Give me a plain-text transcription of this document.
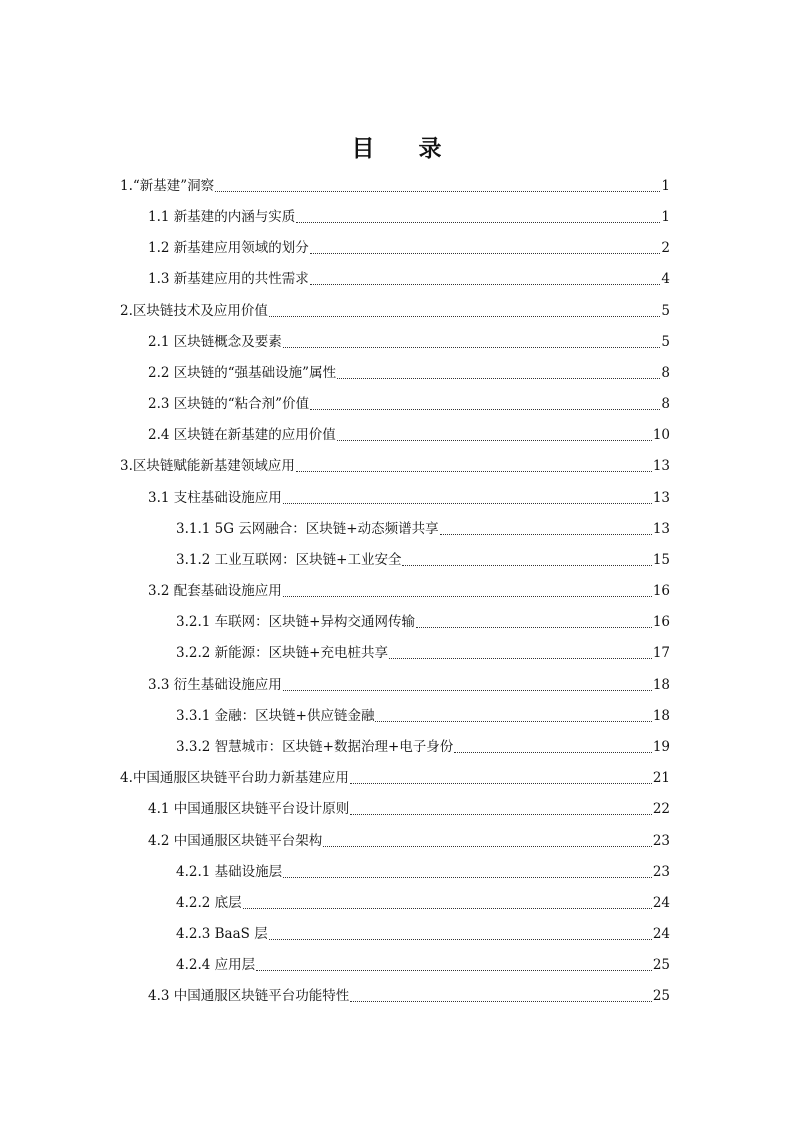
目 录
1.“新基建”洞察	1
1.1 新基建的内涵与实质	1
1.2 新基建应用领域的划分	2
1.3 新基建应用的共性需求	4
2.区块链技术及应用价值	5
2.1 区块链概念及要素	5
2.2 区块链的“强基础设施”属性	8
2.3 区块链的“粘合剂”价值	8
2.4 区块链在新基建的应用价值	10
3.区块链赋能新基建领域应用	13
3.1 支柱基础设施应用	13
3.1.1 5G 云网融合：区块链+动态频谱共享	13
3.1.2 工业互联网：区块链+工业安全	15
3.2 配套基础设施应用	16
3.2.1 车联网：区块链+异构交通网传输	16
3.2.2 新能源：区块链+充电桩共享	17
3.3 衍生基础设施应用	18
3.3.1 金融：区块链+供应链金融	18
3.3.2 智慧城市：区块链+数据治理+电子身份	19
4.中国通服区块链平台助力新基建应用	21
4.1 中国通服区块链平台设计原则	22
4.2 中国通服区块链平台架构	23
4.2.1 基础设施层	23
4.2.2 底层	24
4.2.3 BaaS 层	24
4.2.4 应用层	25
4.3 中国通服区块链平台功能特性	25
